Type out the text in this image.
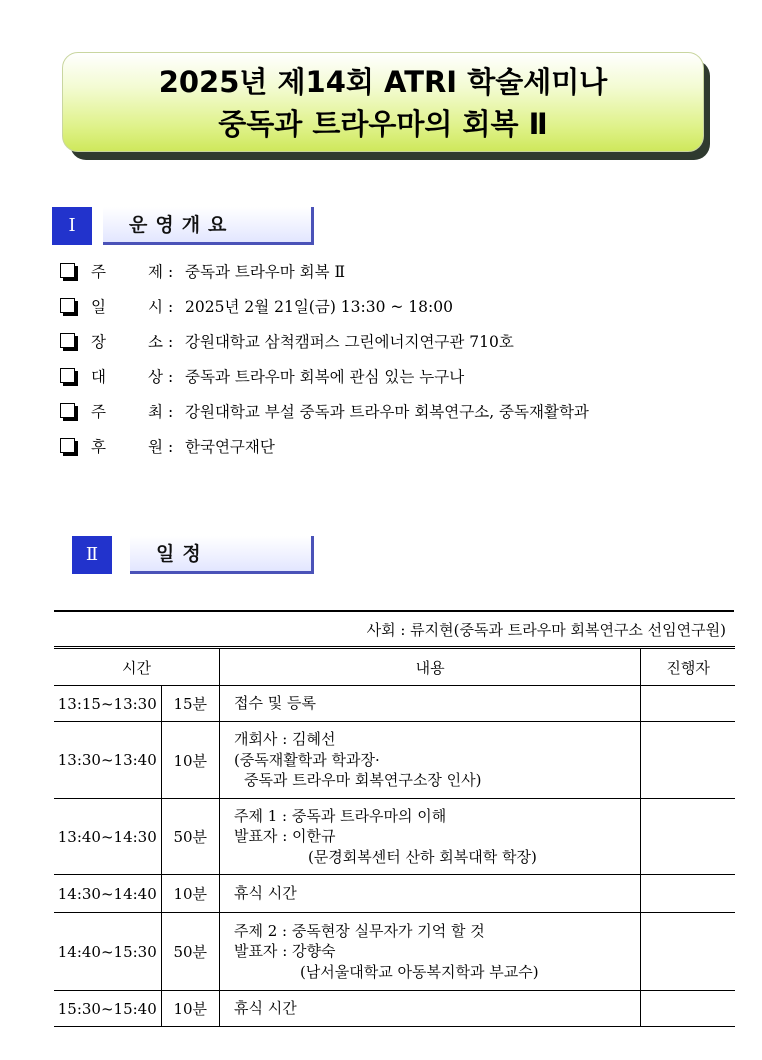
2025년 제14회 ATRI 학술세미나
중독과 트라우마의 회복 Ⅱ
Ⅰ	운영개요
주	제 : 중독과 트라우마 회복 Ⅱ
일	시 : 2025년 2월 21일(금) 13:30 ~ 18:00
장	소 : 강원대학교 삼척캠퍼스 그린에너지연구관 710호
대	상 : 중독과 트라우마 회복에 관심 있는 누구나
주	최 : 강원대학교 부설 중독과 트라우마 회복연구소, 중독재활학과
후	원 : 한국연구재단
Ⅱ	일정
사회 : 류지현(중독과 트라우마 회복연구소 선임연구원)
시간		내용	진행자
13:15~13:30	15분	접수 및 등록	

13:30~13:40	10분	개회사 : 김혜선
(중독재활학과 학과장·
중독과 트라우마 회복연구소장 인사)	

13:40~14:30	50분	주제 1 : 중독과 트라우마의 이해
발표자 : 이한규
(문경회복센터 산하 회복대학 학장)	

14:30~14:40	10분	휴식 시간	

14:40~15:30	50분	주제 2 : 중독현장 실무자가 기억 할 것
발표자 : 강향숙
(남서울대학교 아동복지학과 부교수)	

15:30~15:40	10분	휴식 시간	
